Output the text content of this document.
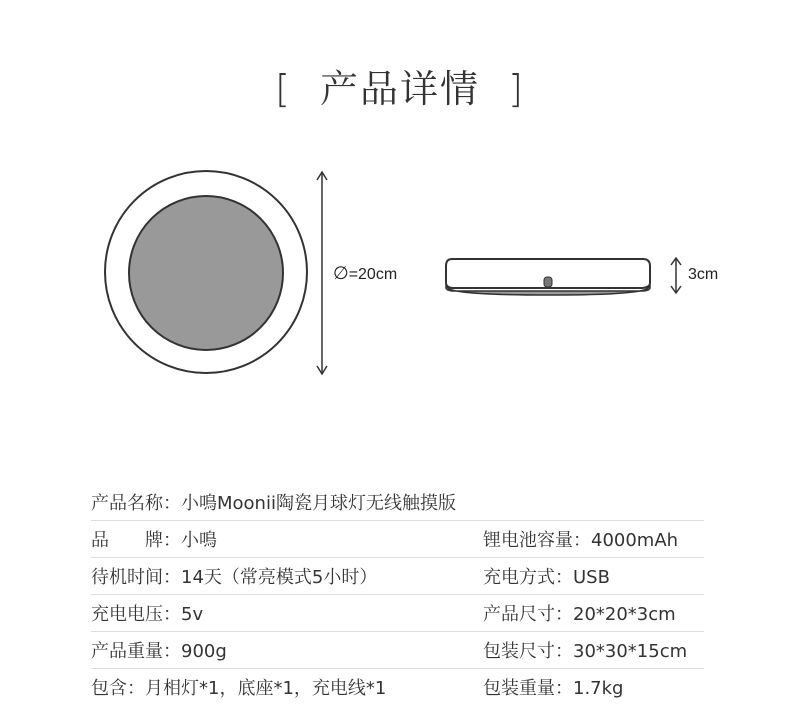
[ 产品详情 ]
∅=20cm	3cm
产品名称：小鳴Moonii陶瓷月球灯无线触摸版
品　　牌：小鳴	锂电池容量：4000mAh
待机时间：14天（常亮模式5小时）	充电方式：USB
充电电压：5v	产品尺寸：20*20*3cm
产品重量：900g	包装尺寸：30*30*15cm
包含：月相灯*1，底座*1，充电线*1	包装重量：1.7kg
